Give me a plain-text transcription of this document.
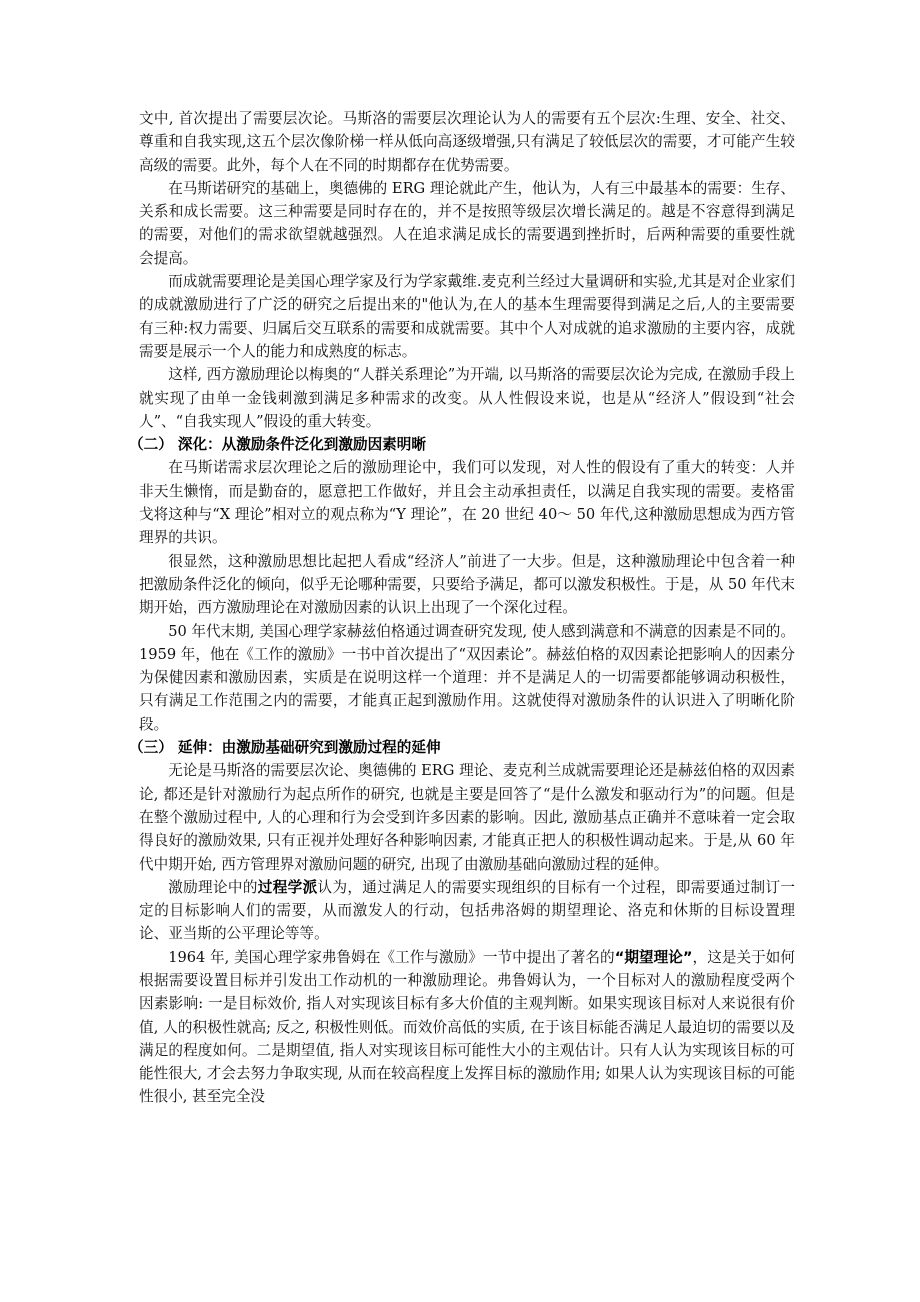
文中, 首次提出了需要层次论。马斯洛的需要层次理论认为人的需要有五个层次:生理、安全、社交、尊重和自我实现,这五个层次像阶梯一样从低向高逐级增强,只有满足了较低层次的需要，才可能产生较高级的需要。此外，每个人在不同的时期都存在优势需要。

在马斯诺研究的基础上，奥德佛的 ERG 理论就此产生，他认为，人有三中最基本的需要：生存、关系和成长需要。这三种需要是同时存在的，并不是按照等级层次增长满足的。越是不容意得到满足的需要，对他们的需求欲望就越强烈。人在追求满足成长的需要遇到挫折时，后两种需要的重要性就会提高。

而成就需要理论是美国心理学家及行为学家戴维.麦克利兰经过大量调研和实验,尤其是对企业家们的成就激励进行了广泛的研究之后提出来的"他认为,在人的基本生理需要得到满足之后,人的主要需要有三种:权力需要、归属后交互联系的需要和成就需要。其中个人对成就的追求激励的主要内容，成就需要是展示一个人的能力和成熟度的标志。

这样, 西方激励理论以梅奥的“人群关系理论”为开端, 以马斯洛的需要层次论为完成, 在激励手段上就实现了由单一金钱刺激到满足多种需求的改变。从人性假设来说，也是从“经济人”假设到“社会人”、“自我实现人”假设的重大转变。

（二） 深化：从激励条件泛化到激励因素明晰

在马斯诺需求层次理论之后的激励理论中，我们可以发现，对人性的假设有了重大的转变：人并非天生懒惰，而是勤奋的，愿意把工作做好，并且会主动承担责任，以满足自我实现的需要。麦格雷戈将这种与“X 理论”相对立的观点称为“Y 理论”，在 20 世纪 40～ 50 年代,这种激励思想成为西方管理界的共识。

很显然，这种激励思想比起把人看成“经济人”前进了一大步。但是，这种激励理论中包含着一种把激励条件泛化的倾向，似乎无论哪种需要，只要给予满足，都可以激发积极性。于是，从 50 年代末期开始，西方激励理论在对激励因素的认识上出现了一个深化过程。

50 年代末期, 美国心理学家赫兹伯格通过调查研究发现, 使人感到满意和不满意的因素是不同的。1959 年，他在《工作的激励》一书中首次提出了“双因素论”。赫兹伯格的双因素论把影响人的因素分为保健因素和激励因素，实质是在说明这样一个道理：并不是满足人的一切需要都能够调动积极性，只有满足工作范围之内的需要，才能真正起到激励作用。这就使得对激励条件的认识进入了明晰化阶段。

（三） 延伸：由激励基础研究到激励过程的延伸

无论是马斯洛的需要层次论、奥德佛的 ERG 理论、麦克利兰成就需要理论还是赫兹伯格的双因素论, 都还是针对激励行为起点所作的研究, 也就是主要是回答了“是什么激发和驱动行为”的问题。但是在整个激励过程中, 人的心理和行为会受到许多因素的影响。因此, 激励基点正确并不意味着一定会取得良好的激励效果, 只有正视并处理好各种影响因素, 才能真正把人的积极性调动起来。于是,从 60 年代中期开始, 西方管理界对激励问题的研究, 出现了由激励基础向激励过程的延伸。

激励理论中的过程学派认为，通过满足人的需要实现组织的目标有一个过程，即需要通过制订一定的目标影响人们的需要，从而激发人的行动，包括弗洛姆的期望理论、洛克和休斯的目标设置理论、亚当斯的公平理论等等。

1964 年, 美国心理学家弗鲁姆在《工作与激励》一节中提出了著名的“期望理论”，这是关于如何根据需要设置目标并引发出工作动机的一种激励理论。弗鲁姆认为，一个目标对人的激励程度受两个因素影响: 一是目标效价, 指人对实现该目标有多大价值的主观判断。如果实现该目标对人来说很有价值, 人的积极性就高; 反之, 积极性则低。而效价高低的实质, 在于该目标能否满足人最迫切的需要以及满足的程度如何。二是期望值, 指人对实现该目标可能性大小的主观估计。只有人认为实现该目标的可能性很大, 才会去努力争取实现, 从而在较高程度上发挥目标的激励作用; 如果人认为实现该目标的可能性很小, 甚至完全没
